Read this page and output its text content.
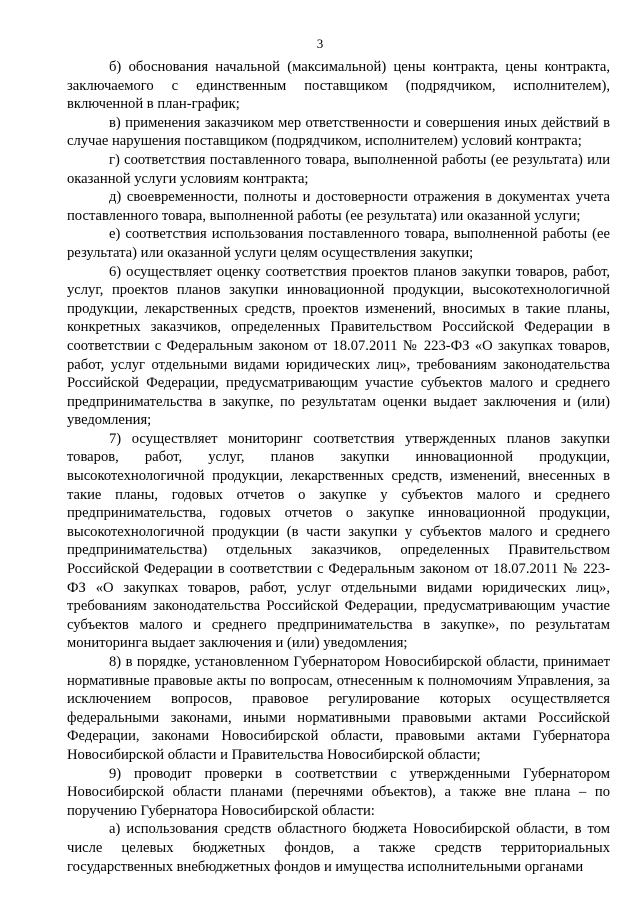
3

б) обоснования начальной (максимальной) цены контракта, цены контракта, заключаемого с единственным поставщиком (подрядчиком, исполнителем), включенной в план-график;

в) применения заказчиком мер ответственности и совершения иных действий в случае нарушения поставщиком (подрядчиком, исполнителем) условий контракта;

г) соответствия поставленного товара, выполненной работы (ее результата) или оказанной услуги условиям контракта;

д) своевременности, полноты и достоверности отражения в документах учета поставленного товара, выполненной работы (ее результата) или оказанной услуги;

е) соответствия использования поставленного товара, выполненной работы (ее результата) или оказанной услуги целям осуществления закупки;

6) осуществляет оценку соответствия проектов планов закупки товаров, работ, услуг, проектов планов закупки инновационной продукции, высокотехнологичной продукции, лекарственных средств, проектов изменений, вносимых в такие планы, конкретных заказчиков, определенных Правительством Российской Федерации в соответствии с Федеральным законом от 18.07.2011 № 223-ФЗ «О закупках товаров, работ, услуг отдельными видами юридических лиц», требованиям законодательства Российской Федерации, предусматривающим участие субъектов малого и среднего предпринимательства в закупке, по результатам оценки выдает заключения и (или) уведомления;

7) осуществляет мониторинг соответствия утвержденных планов закупки товаров, работ, услуг, планов закупки инновационной продукции, высокотехнологичной продукции, лекарственных средств, изменений, внесенных в такие планы, годовых отчетов о закупке у субъектов малого и среднего предпринимательства, годовых отчетов о закупке инновационной продукции, высокотехнологичной продукции (в части закупки у субъектов малого и среднего предпринимательства) отдельных заказчиков, определенных Правительством Российской Федерации в соответствии с Федеральным законом от 18.07.2011 № 223-ФЗ «О закупках товаров, работ, услуг отдельными видами юридических лиц», требованиям законодательства Российской Федерации, предусматривающим участие субъектов малого и среднего предпринимательства в закупке», по результатам мониторинга выдает заключения и (или) уведомления;

8) в порядке, установленном Губернатором Новосибирской области, принимает нормативные правовые акты по вопросам, отнесенным к полномочиям Управления, за исключением вопросов, правовое регулирование которых осуществляется федеральными законами, иными нормативными правовыми актами Российской Федерации, законами Новосибирской области, правовыми актами Губернатора Новосибирской области и Правительства Новосибирской области;

9) проводит проверки в соответствии с утвержденными Губернатором Новосибирской области планами (перечнями объектов), а также вне плана – по поручению Губернатора Новосибирской области:

а) использования средств областного бюджета Новосибирской области, в том числе целевых бюджетных фондов, а также средств территориальных государственных внебюджетных фондов и имущества исполнительными органами
